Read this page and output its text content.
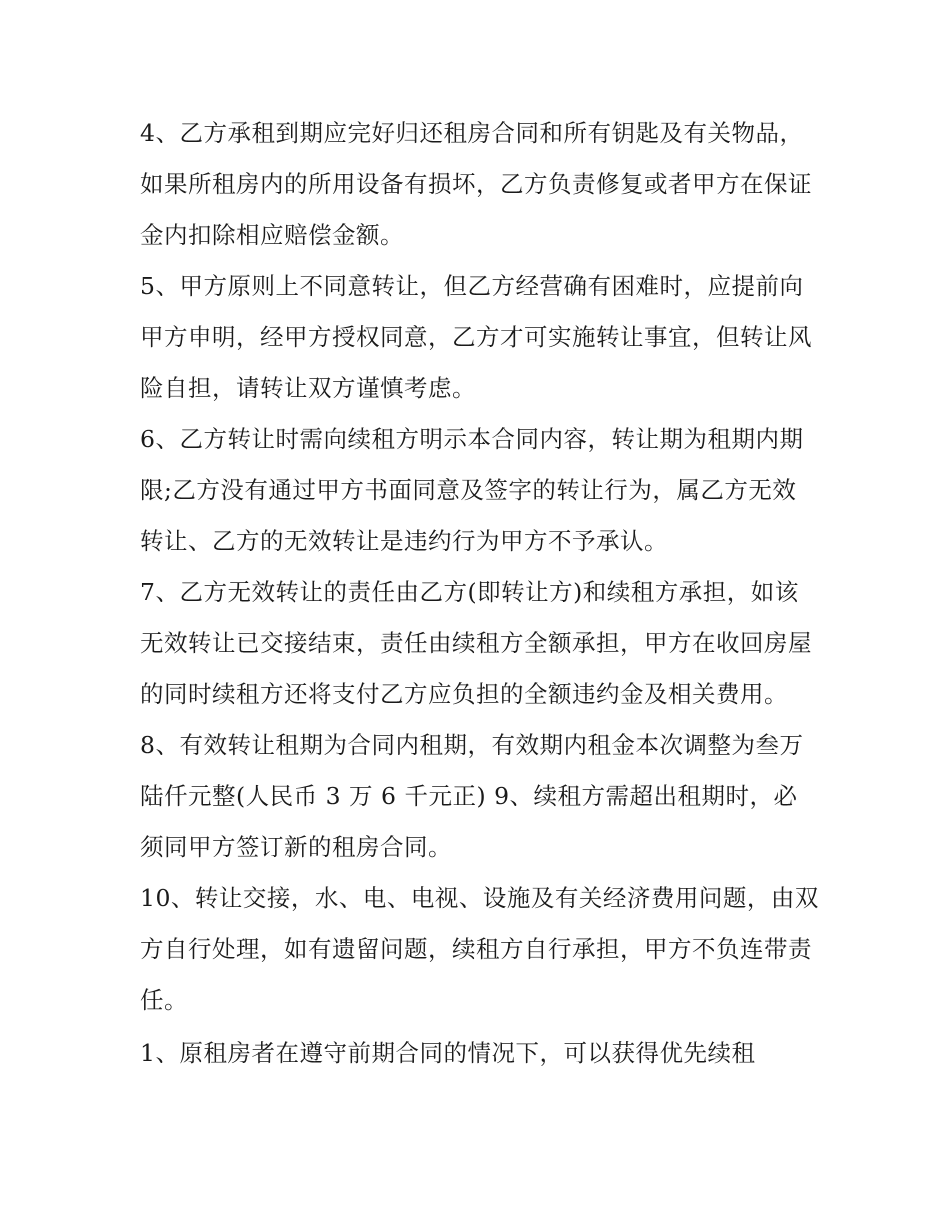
4、乙方承租到期应完好归还租房合同和所有钥匙及有关物品，如果所租房内的所用设备有损坏，乙方负责修复或者甲方在保证金内扣除相应赔偿金额。

5、甲方原则上不同意转让，但乙方经营确有困难时，应提前向甲方申明，经甲方授权同意，乙方才可实施转让事宜，但转让风险自担，请转让双方谨慎考虑。

6、乙方转让时需向续租方明示本合同内容，转让期为租期内期限;乙方没有通过甲方书面同意及签字的转让行为，属乙方无效转让、乙方的无效转让是违约行为甲方不予承认。

7、乙方无效转让的责任由乙方(即转让方)和续租方承担，如该无效转让已交接结束，责任由续租方全额承担，甲方在收回房屋的同时续租方还将支付乙方应负担的全额违约金及相关费用。

8、有效转让租期为合同内租期，有效期内租金本次调整为叁万陆仟元整(人民币 3 万 6 千元正) 9、续租方需超出租期时，必须同甲方签订新的租房合同。

10、转让交接，水、电、电视、设施及有关经济费用问题，由双方自行处理，如有遗留问题，续租方自行承担，甲方不负连带责任。

1、原租房者在遵守前期合同的情况下，可以获得优先续租
